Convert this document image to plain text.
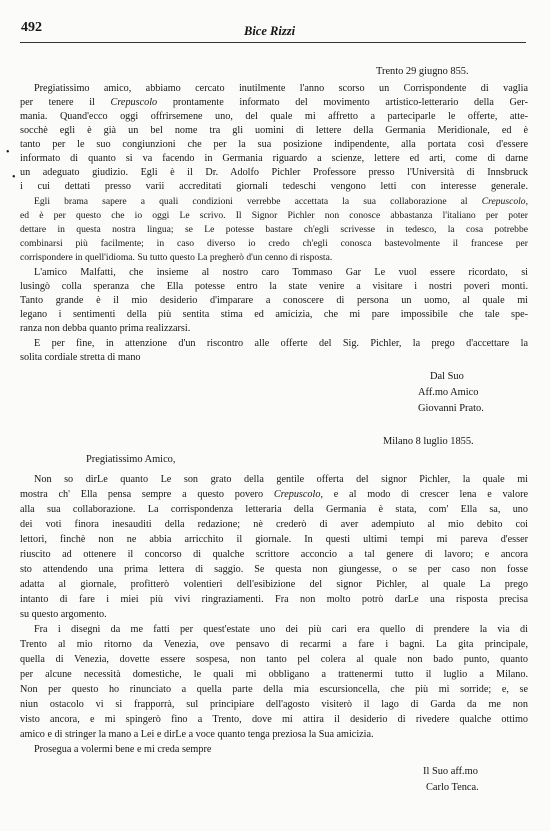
492	Bice Rizzi
Trento 29 giugno 855.
Pregiatissimo amico, abbiamo cercato inutilmente l'anno scorso un Corrispondente di vaglia
per tenere il Crepuscolo prontamente informato del movimento artistico-letterario della Ger-
mania. Quand'ecco oggi offrirsemene uno, del quale mi affretto a parteciparle le offerte, atte-
socchè egli è già un bel nome tra gli uomini di lettere della Germania Meridionale, ed è
tanto per le suo congiunzioni che per la sua posizione indipendente, alla portata così d'essere
informato di quanto si va facendo in Germania riguardo a scienze, lettere ed arti, come di darne
un adeguato giudizio. Egli è il Dr. Adolfo Pichler Professore presso l'Università di Innsbruck
i cui dettati presso varii accreditati giornali tedeschi vengono letti con interesse generale.
Egli brama sapere a quali condizioni verrebbe accettata la sua collaborazione al Crepuscolo,
ed è per questo che io oggi Le scrivo. Il Signor Pichler non conosce abbastanza l'italiano per poter
dettare in questa nostra lingua; se Le potesse bastare ch'egli scrivesse in tedesco, la cosa potrebbe
combinarsi più facilmente; in caso diverso io credo ch'egli conosca bastevolmente il francese per
corrispondere in quell'idioma. Su tutto questo La pregherò d'un cenno di risposta.
L'amico Malfatti, che insieme al nostro caro Tommaso Gar Le vuol essere ricordato, si
lusingò colla speranza che Ella potesse entro la state venire a visitare i nostri poveri monti.
Tanto grande è il mio desiderio d'imparare a conoscere di persona un uomo, al quale mi
legano i sentimenti della più sentita stima ed amicizia, che mi pare impossibile che tale spe-
ranza non debba quanto prima realizzarsi.
E per fine, in attenzione d'un riscontro alle offerte del Sig. Pichler, la prego d'accettare la
solita cordiale stretta di mano
Dal Suo
Aff.mo Amico
Giovanni Prato.
Milano 8 luglio 1855.
Pregiatissimo Amico,
Non so dirLe quanto Le son grato della gentile offerta del signor Pichler, la quale mi
mostra ch' Ella pensa sempre a questo povero Crepuscolo, e al modo di crescer lena e valore
alla sua collaborazione. La corrispondenza letteraria della Germania è stata, com' Ella sa, uno
dei voti finora inesauditi della redazione; nè crederò di aver adempiuto al mio debito coi
lettori, finchè non ne abbia arricchito il giornale. In questi ultimi tempi mi pareva d'esser
riuscito ad ottenere il concorso di qualche scrittore acconcio a tal genere di lavoro; e ancora
sto attendendo una prima lettera di saggio. Se questa non giungesse, o se per caso non fosse
adatta al giornale, profitterò volentieri dell'esibizione del signor Pichler, al quale La prego
intanto di fare i miei più vivi ringraziamenti. Fra non molto potrò darLe una risposta precisa
su questo argomento.
Fra i disegni da me fatti per quest'estate uno dei più cari era quello di prendere la via di
Trento al mio ritorno da Venezia, ove pensavo di recarmi a fare i bagni. La gita principale,
quella di Venezia, dovette essere sospesa, non tanto pel colera al quale non bado punto, quanto
per alcune necessità domestiche, le quali mi obbligano a trattenermi tutto il luglio a Milano.
Non per questo ho rinunciato a quella parte della mia escursioncella, che più mi sorride; e, se
niun ostacolo vi si frapporrà, sul principiare dell'agosto visiterò il lago di Garda da me non
visto ancora, e mi spingerò fino a Trento, dove mi attira il desiderio di rivedere qualche ottimo
amico e di stringer la mano a Lei e dirLe a voce quanto tenga preziosa la Sua amicizia.
Prosegua a volermi bene e mi creda sempre
Il Suo aff.mo
Carlo Tenca.
•
•
